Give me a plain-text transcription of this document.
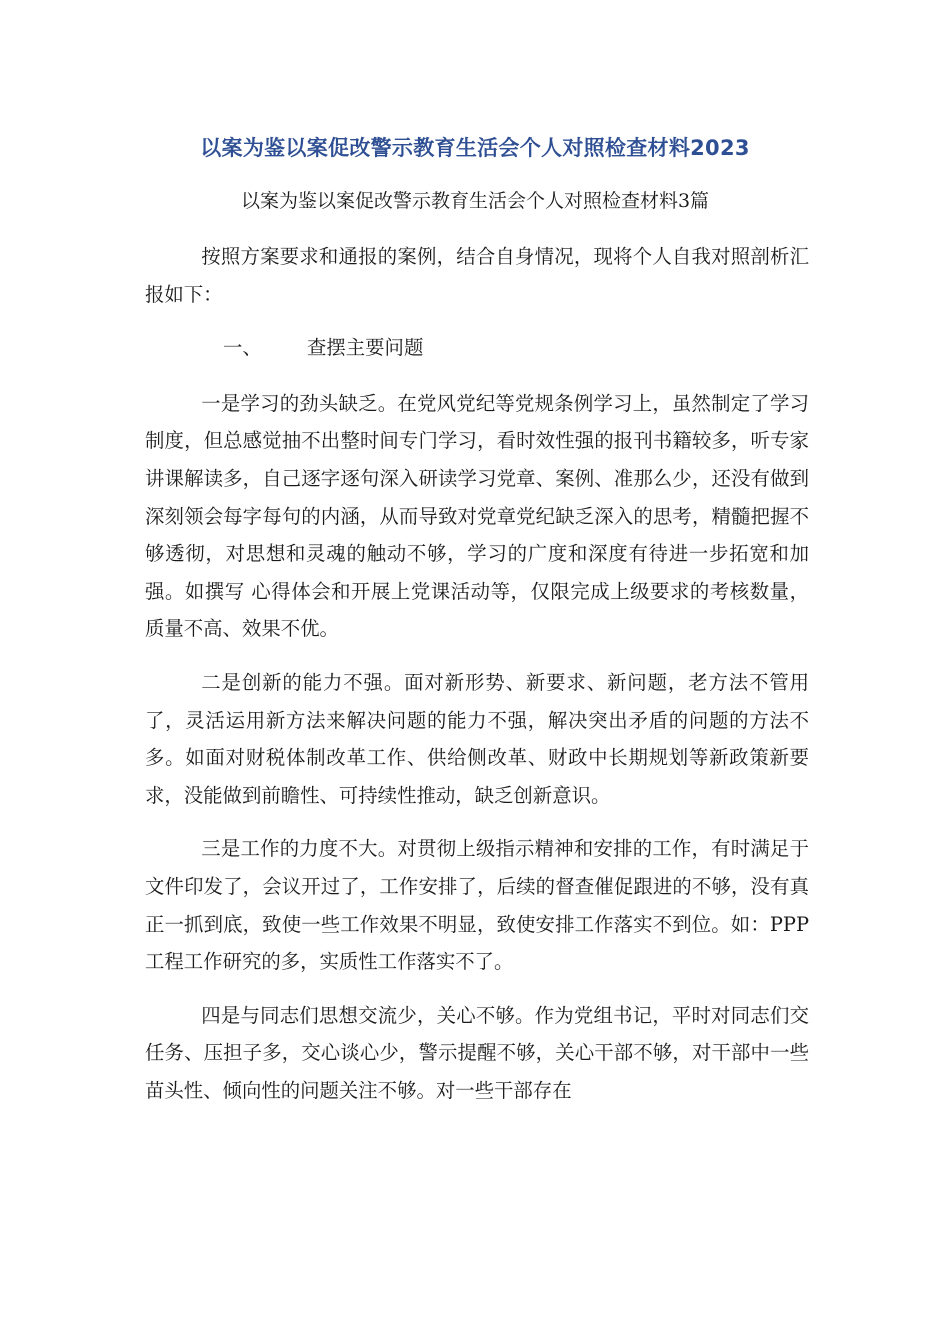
以案为鉴以案促改警示教育生活会个人对照检查材料2023

以案为鉴以案促改警示教育生活会个人对照检查材料3篇

按照方案要求和通报的案例，结合自身情况，现将个人自我对照剖析汇报如下：

一、 查摆主要问题

一是学习的劲头缺乏。在党风党纪等党规条例学习上，虽然制定了学习制度，但总感觉抽不出整时间专门学习，看时效性强的报刊书籍较多，听专家讲课解读多，自己逐字逐句深入研读学习党章、案例、准那么少，还没有做到深刻领会每字每句的内涵，从而导致对党章党纪缺乏深入的思考，精髓把握不够透彻，对思想和灵魂的触动不够，学习的广度和深度有待进一步拓宽和加强。如撰写 心得体会和开展上党课活动等，仅限完成上级要求的考核数量，质量不高、效果不优。

二是创新的能力不强。面对新形势、新要求、新问题，老方法不管用了，灵活运用新方法来解决问题的能力不强，解决突出矛盾的问题的方法不多。如面对财税体制改革工作、供给侧改革、财政中长期规划等新政策新要求，没能做到前瞻性、可持续性推动，缺乏创新意识。

三是工作的力度不大。对贯彻上级指示精神和安排的工作，有时满足于文件印发了，会议开过了，工作安排了，后续的督查催促跟进的不够，没有真正一抓到底，致使一些工作效果不明显，致使安排工作落实不到位。如：PPP工程工作研究的多，实质性工作落实不了。

四是与同志们思想交流少，关心不够。作为党组书记，平时对同志们交任务、压担子多，交心谈心少，警示提醒不够，关心干部不够，对干部中一些苗头性、倾向性的问题关注不够。对一些干部存在
